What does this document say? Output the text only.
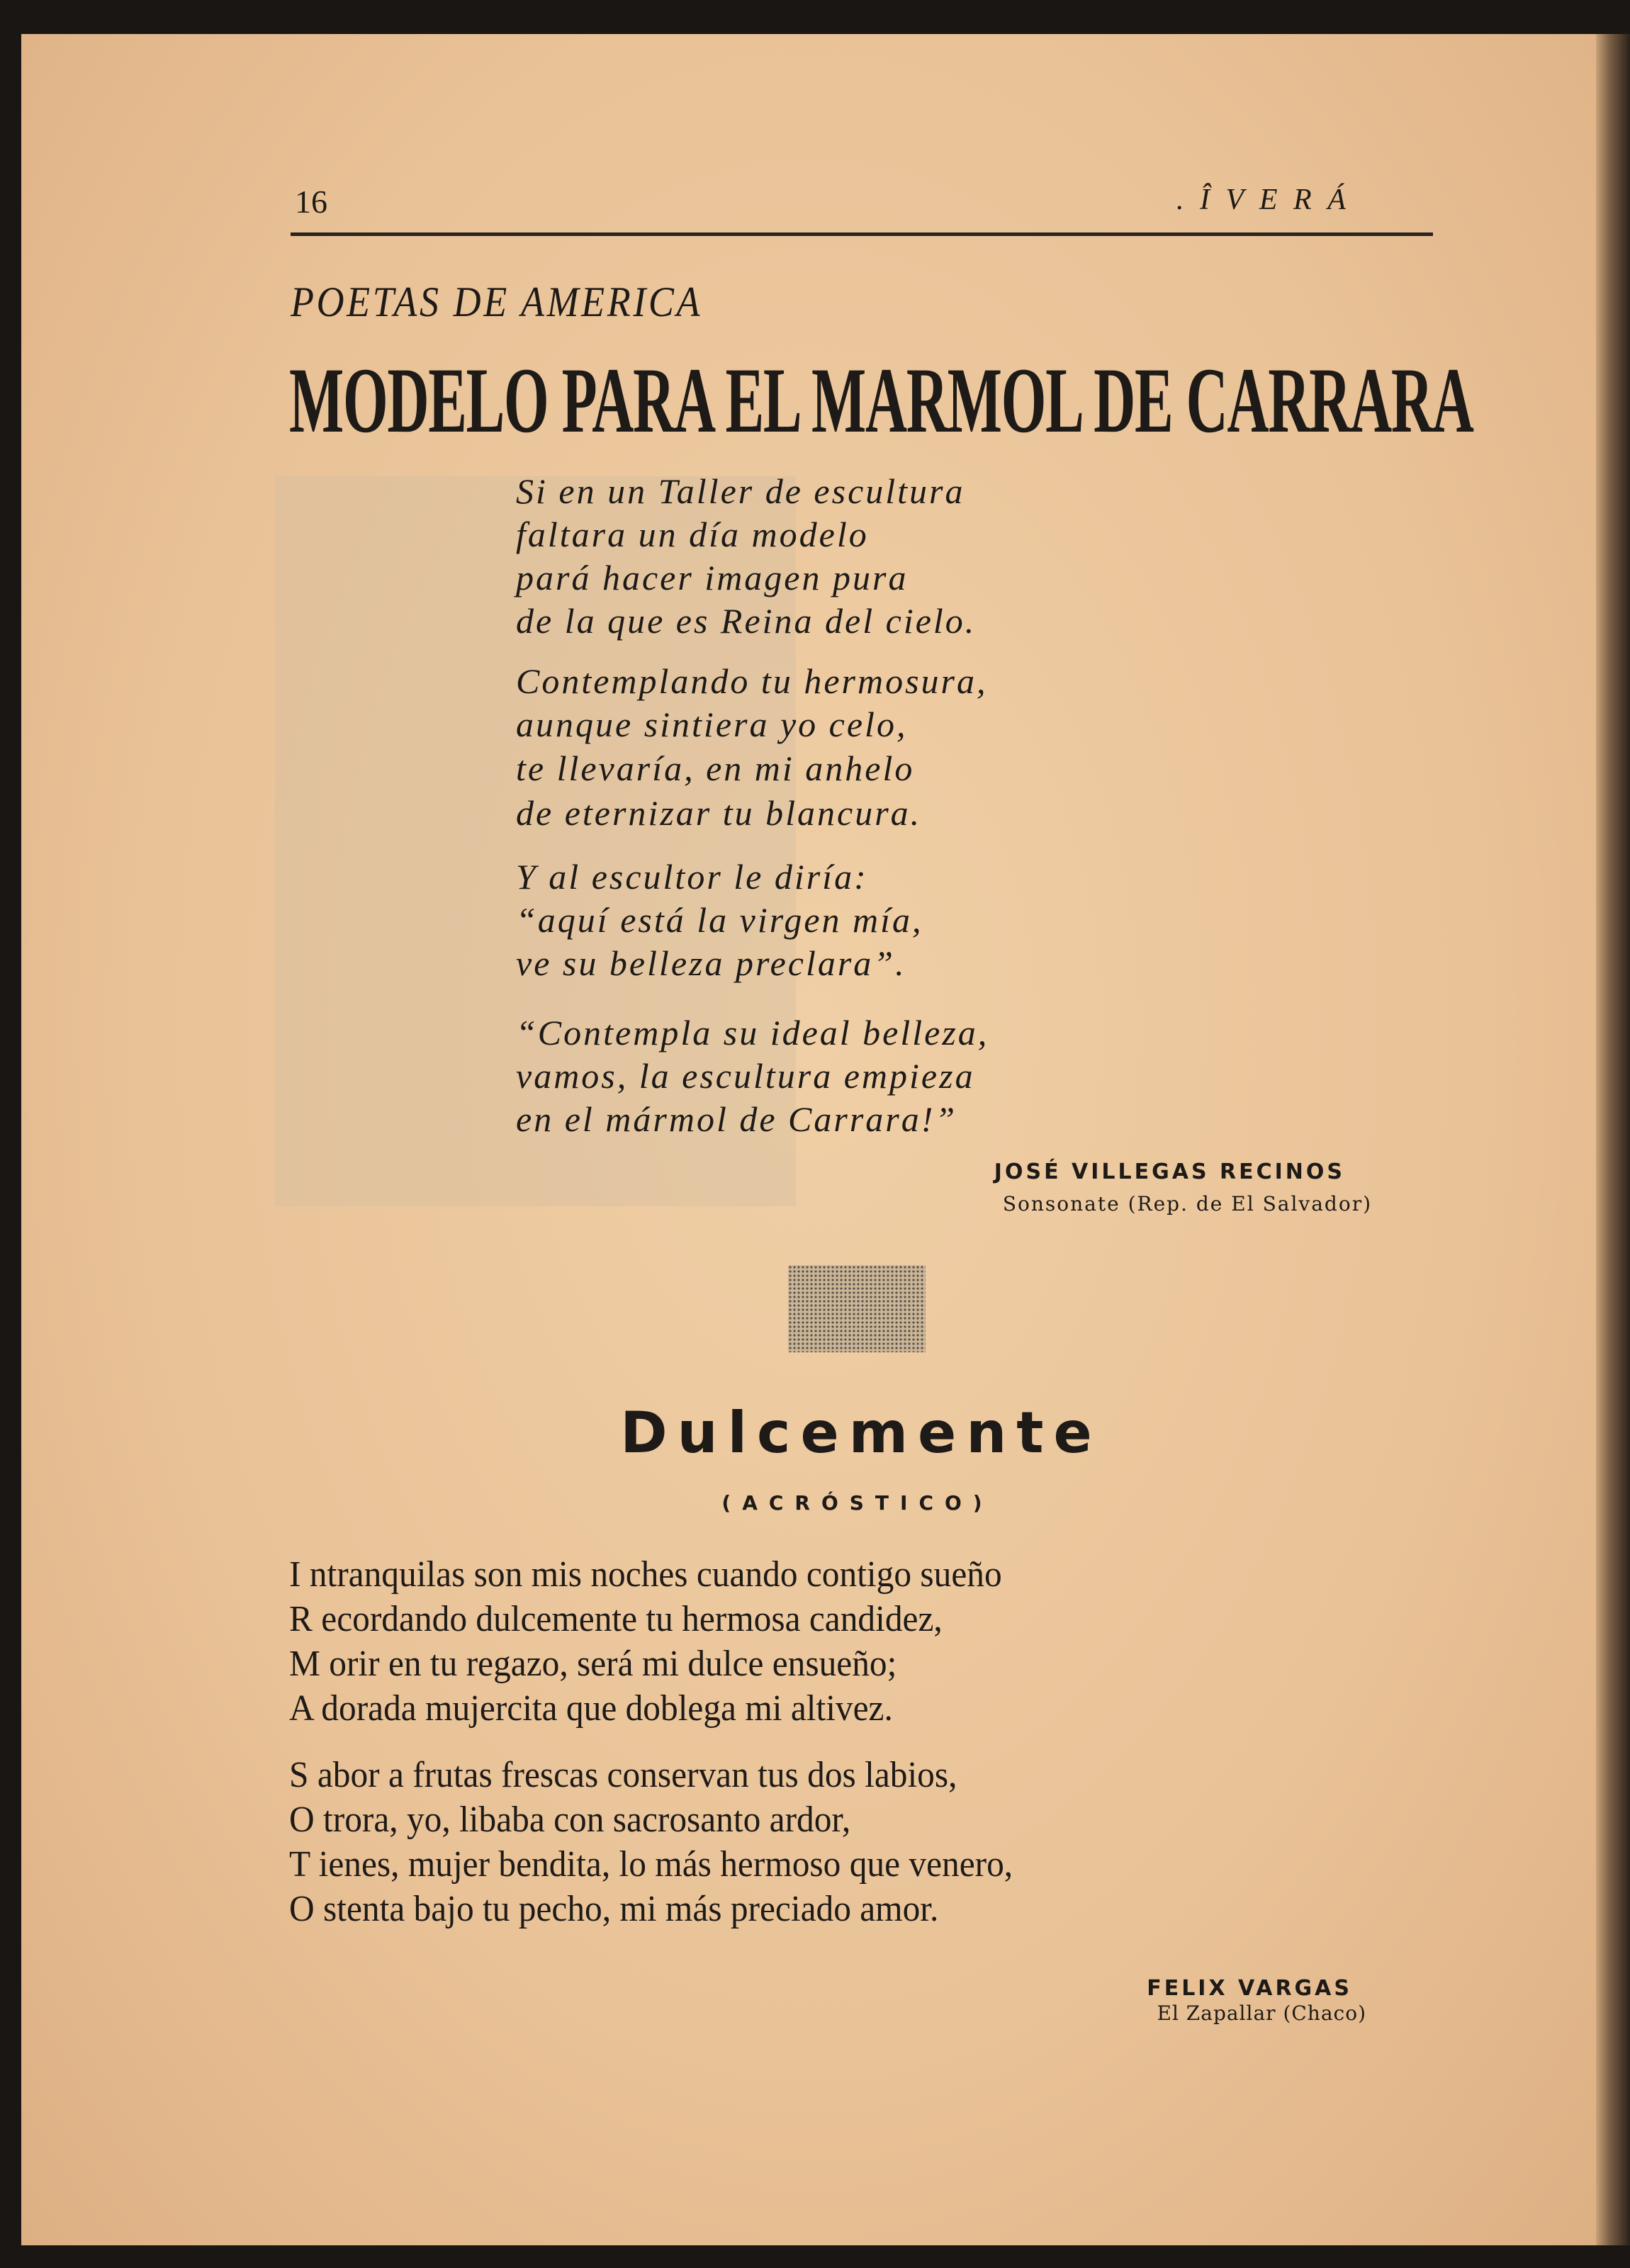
16	. Î V E R Á
POETAS DE AMERICA
MODELO PARA EL MARMOL DE CARRARA
Si en un Taller de escultura
faltara un día modelo
pará hacer imagen pura
de la que es Reina del cielo.
Contemplando tu hermosura,
aunque sintiera yo celo,
te llevaría, en mi anhelo
de eternizar tu blancura.
Y al escultor le diría:
“aquí está la virgen mía,
ve su belleza preclara”.
“Contempla su ideal belleza,
vamos, la escultura empieza
en el mármol de Carrara!”
JOSÉ VILLEGAS RECINOS
Sonsonate (Rep. de El Salvador)
Dulcemente
(ACRÓSTICO)
I ntranquilas son mis noches cuando contigo sueño
R ecordando dulcemente tu hermosa candidez,
M orir en tu regazo, será mi dulce ensueño;
A dorada mujercita que doblega mi altivez.
S abor a frutas frescas conservan tus dos labios,
O trora, yo, libaba con sacrosanto ardor,
T ienes, mujer bendita, lo más hermoso que venero,
O stenta bajo tu pecho, mi más preciado amor.
FELIX VARGAS
El Zapallar (Chaco)
